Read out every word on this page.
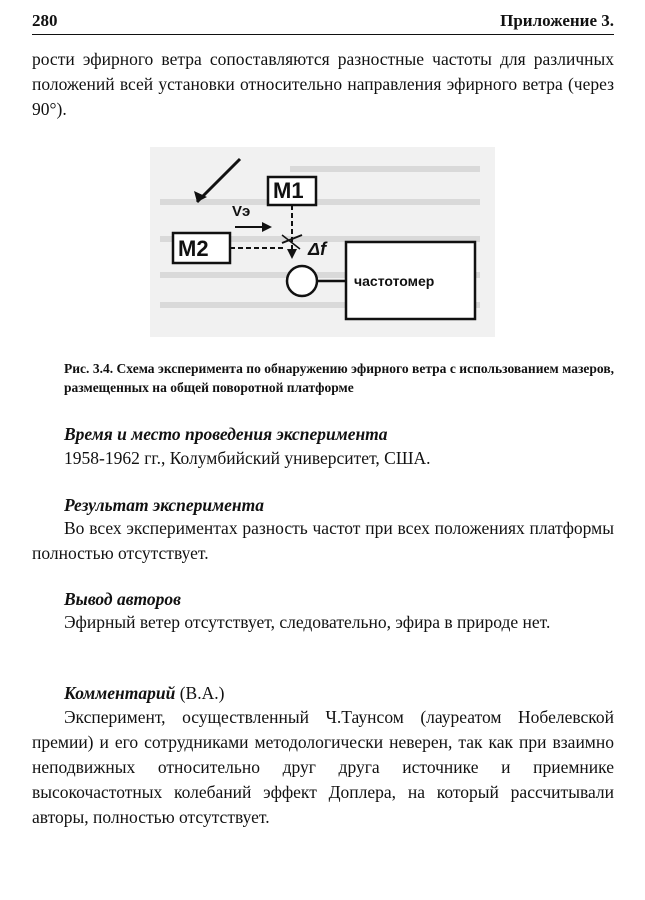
280	Приложение 3.
рости эфирного ветра сопоставляются разностные частоты для различных положений всей установки относительно направления эфирного ветра (через 90°).
M1
M2
Vэ
Δf
частотомер
Рис. 3.4. Схема эксперимента по обнаружению эфирного ветра с использованием мазеров, размещенных на общей поворотной платформе
Время и место проведения эксперимента
1958-1962 гг., Колумбийский университет, США.
Результат эксперимента
Во всех экспериментах разность частот при всех положениях платформы полностью отсутствует.
Вывод авторов
Эфирный ветер отсутствует, следовательно, эфира в природе нет.
Комментарий (В.А.)
Эксперимент, осуществленный Ч.Таунсом (лауреатом Нобелевской премии) и его сотрудниками методологически неверен, так как при взаимно неподвижных относительно друг друга источнике и приемнике высокочастотных колебаний эффект Доплера, на который рассчитывали авторы, полностью отсутствует.
